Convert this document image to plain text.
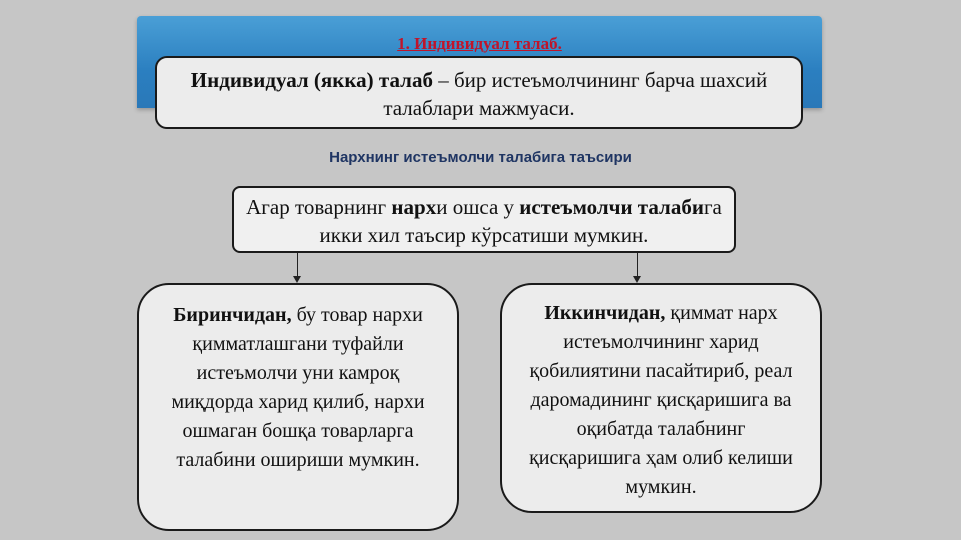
1. Индивидуал талаб.
Индивидуал (якка) талаб – бир истеъмолчининг барча шахсий талаблари мажмуаси.
Нархнинг истеъмолчи талабига таъсири
Агар товарнинг нархи ошса у истеъмолчи талабига икки хил таъсир кўрсатиши мумкин.
Биринчидан, бу товар нархи қимматлашгани туфайли истеъмолчи уни камроқ миқдорда харид қилиб, нархи ошмаган бошқа товарларга талабини ошириши мумкин.
Иккинчидан, қиммат нарх истеъмолчининг харид қобилиятини пасайтириб, реал даромадининг қисқаришига ва оқибатда талабнинг қисқаришига ҳам олиб келиши мумкин.
